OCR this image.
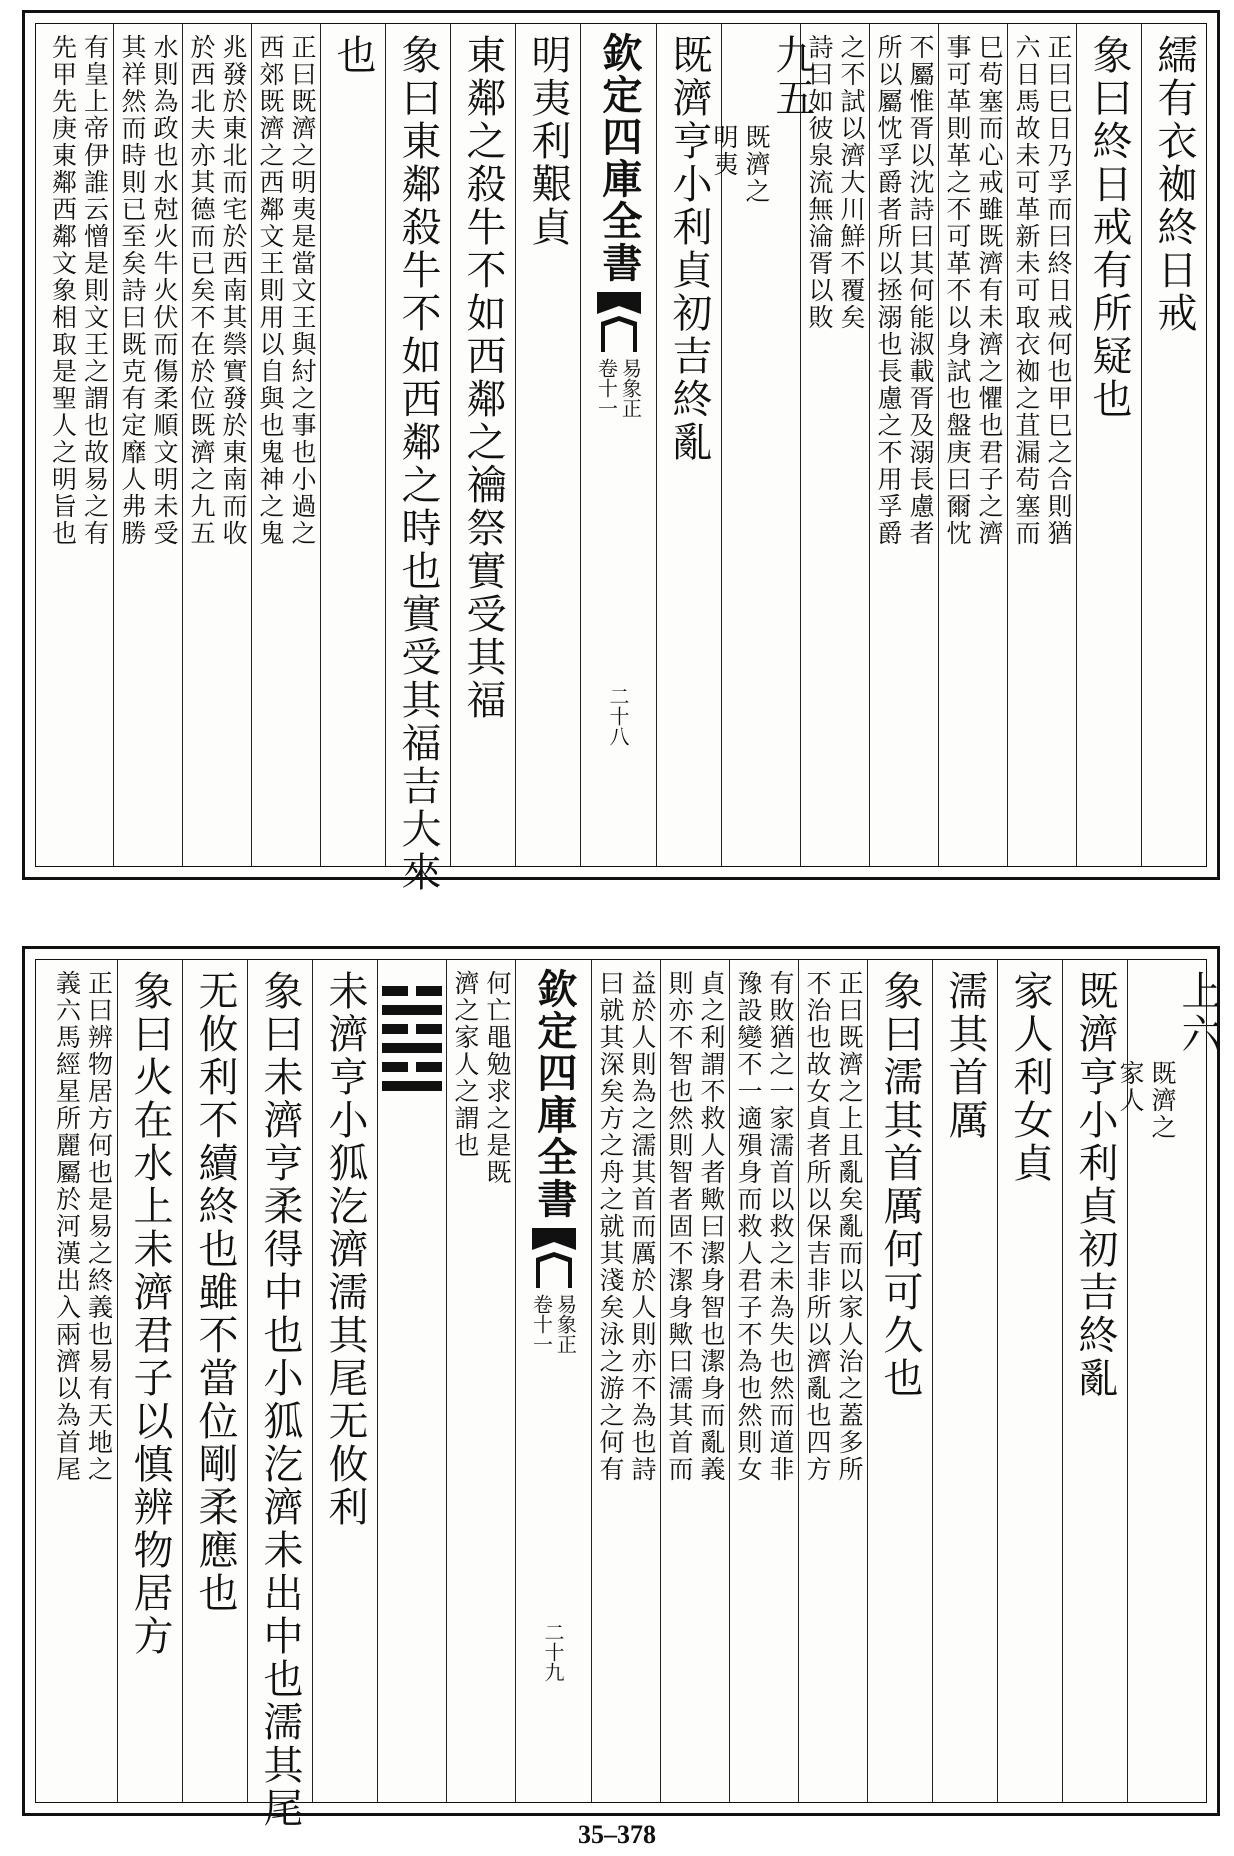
繻有衣袽終日戒
象曰終日戒有所疑也
正曰巳日乃孚而曰終日戒何也甲巳之合則猶
六日馬故未可革新未可取衣袽之苴漏苟塞而
巳苟塞而心戒雖既濟有未濟之懼也君子之濟
事可革則革之不可革不以身試也盤庚曰爾忱
不屬惟胥以沈詩曰其何能淑載胥及溺長慮者
所以屬忱孚爵者所以拯溺也長慮之不用孚爵
之不試以濟大川鮮不覆矣
詩曰如彼泉流無淪胥以敗
九五
既濟之
明夷
既濟亨小利貞初吉終亂
欽定四庫全書
易象正
卷十一
二十八
明夷利艱貞
東鄰之殺牛不如西鄰之禴祭實受其福
象曰東鄰殺牛不如西鄰之時也實受其福吉大來
也
正曰既濟之明夷是當文王與紂之事也小過之
西郊既濟之西鄰文王則用以自與也鬼神之鬼
兆發於東北而宅於西南其禜實發於東南而收
於西北夫亦其德而已矣不在於位既濟之九五
水則為政也水尅火牛火伏而傷柔順文明未受
其祥然而時則已至矣詩曰既克有定靡人弗勝
有皇上帝伊誰云憎是則文王之謂也故易之有
先甲先庚東鄰西鄰文象相取是聖人之明旨也
上六
既濟之
家人
既濟亨小利貞初吉終亂
家人利女貞
濡其首厲
象曰濡其首厲何可久也
正曰既濟之上且亂矣亂而以家人治之蓋多所
不治也故女貞者所以保吉非所以濟亂也四方
有敗猶之一家濡首以救之未為失也然而道非
豫設變不一適殞身而救人君子不為也然則女
貞之利謂不救人者歟曰潔身智也潔身而亂義
則亦不智也然則智者固不潔身歟曰濡其首而
益於人則為之濡其首而厲於人則亦不為也詩
曰就其深矣方之舟之就其淺矣泳之游之何有
欽定四庫全書
易象正
卷十一
二十九
何亡黽勉求之是既
濟之家人之謂也
未濟亨小狐汔濟濡其尾无攸利
象曰未濟亨柔得中也小狐汔濟未出中也濡其尾
无攸利不續終也雖不當位剛柔應也
象曰火在水上未濟君子以慎辨物居方
正曰辨物居方何也是易之終義也易有天地之
義六馬經星所麗屬於河漢出入兩濟以為首尾
35–378
